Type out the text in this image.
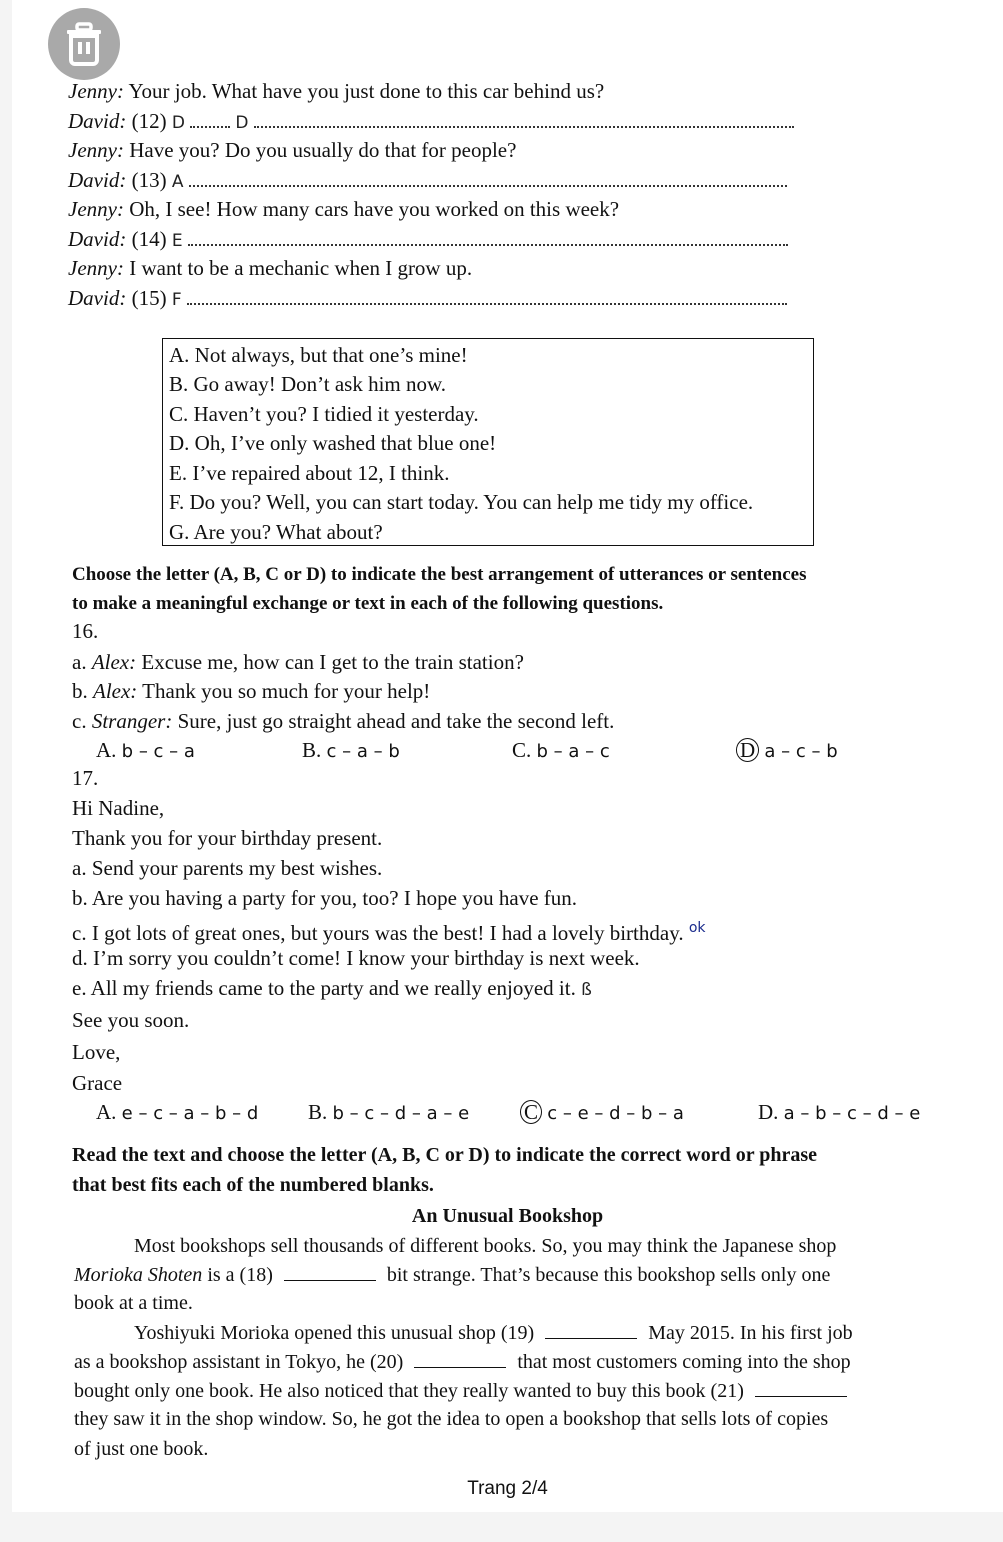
Jenny: Your job. What have you just done to this car behind us?
David: (12) D	D
Jenny: Have you? Do you usually do that for people?
David: (13) A
Jenny: Oh, I see! How many cars have you worked on this week?
David: (14) E
Jenny: I want to be a mechanic when I grow up.
David: (15) F
A. Not always, but that one’s mine!
B. Go away! Don’t ask him now.
C. Haven’t you? I tidied it yesterday.
D. Oh, I’ve only washed that blue one!
E. I’ve repaired about 12, I think.
F. Do you? Well, you can start today. You can help me tidy my office.
G. Are you? What about?
Choose the letter (A, B, C or D) to indicate the best arrangement of utterances or sentences
to make a meaningful exchange or text in each of the following questions.
16.
a. Alex: Excuse me, how can I get to the train station?
b. Alex: Thank you so much for your help!
c. Stranger: Sure, just go straight ahead and take the second left.
A. b – c – a	B. c – a – b	C. b – a – c	D a – c – b
17.
Hi Nadine,
Thank you for your birthday present.
a. Send your parents my best wishes.
b. Are you having a party for you, too? I hope you have fun.
c. I got lots of great ones, but yours was the best! I had a lovely birthday. $^{ok}$
d. I’m sorry you couldn’t come! I know your birthday is next week.
e. All my friends came to the party and we really enjoyed it. ß
See you soon.
Love,
Grace
A. e – c – a – b – d B. b – c – d – a – e	C c – e – d – b – a	D. a – b – c – d – e
Read the text and choose the letter (A, B, C or D) to indicate the correct word or phrase
that best fits each of the numbered blanks.
An Unusual Bookshop
Most bookshops sell thousands of different books. So, you may think the Japanese shop
Morioka Shoten is a (18)	bit strange. That’s because this bookshop sells only one
book at a time.
Yoshiyuki Morioka opened this unusual shop (19)	May 2015. In his first job
as a bookshop assistant in Tokyo, he (20)	that most customers coming into the shop
bought only one book. He also noticed that they really wanted to buy this book (21)
they saw it in the shop window. So, he got the idea to open a bookshop that sells lots of copies
of just one book.
Trang 2/4
